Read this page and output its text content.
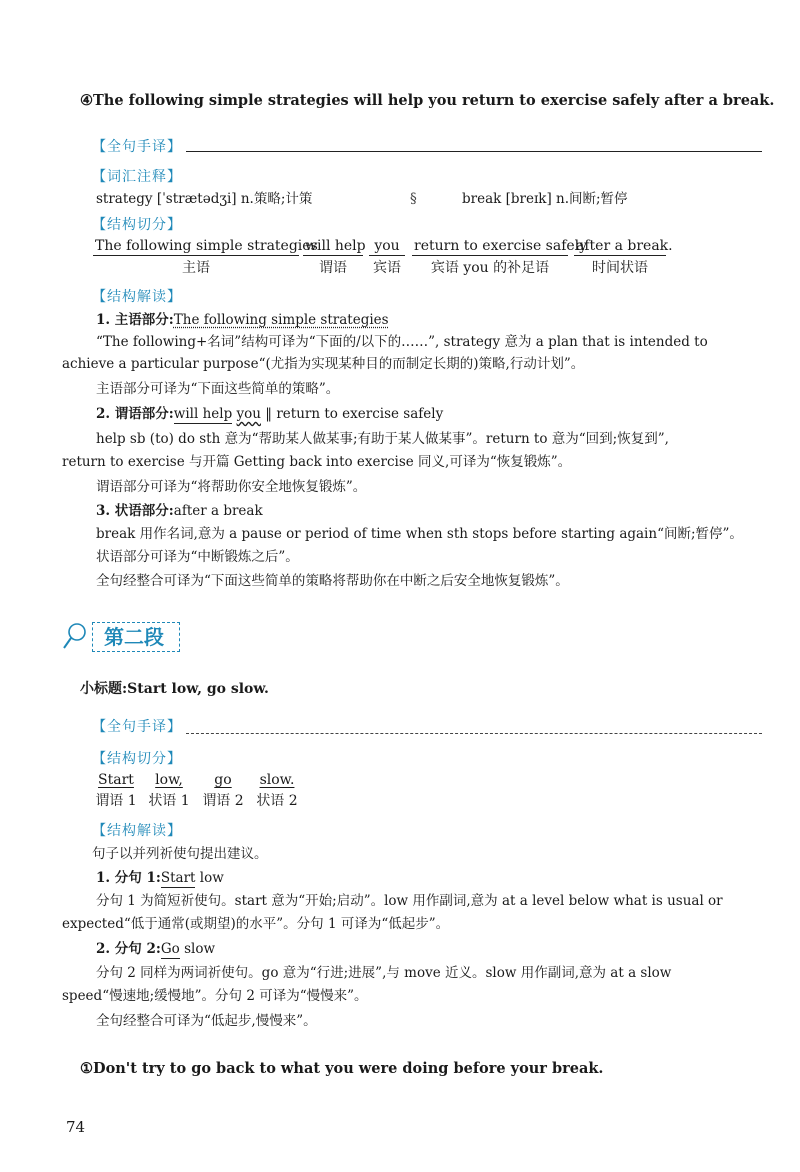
④The following simple strategies will help you return to exercise safely after a break.
【全句手译】
【词汇注释】
strategy [ˈstrætədʒi] n.策略;计策	§	break [breɪk] n.间断;暂停
【结构切分】
The following simple strategies
主语
will help
谓语
you
宾语
return to exercise safely
宾语 you 的补足语
after a break.
时间状语
【结构解读】
1. 主语部分:The following simple strategies
“The following+名词”结构可译为“下面的/以下的……”, strategy 意为 a plan that is intended to
achieve a particular purpose“(尤指为实现某种目的而制定长期的)策略,行动计划”。
主语部分可译为“下面这些简单的策略”。
2. 谓语部分:will help you ‖ return to exercise safely
help sb (to) do sth 意为“帮助某人做某事;有助于某人做某事”。return to 意为“回到;恢复到”,
return to exercise 与开篇 Getting back into exercise 同义,可译为“恢复锻炼”。
谓语部分可译为“将帮助你安全地恢复锻炼”。
3. 状语部分:after a break
break 用作名词,意为 a pause or period of time when sth stops before starting again“间断;暂停”。
状语部分可译为“中断锻炼之后”。
全句经整合可译为“下面这些简单的策略将帮助你在中断之后安全地恢复锻炼”。
第二段
小标题:Start low, go slow.
【全句手译】
【结构切分】
Start
谓语 1
low,
状语 1
go
谓语 2
slow.
状语 2
【结构解读】
句子以并列祈使句提出建议。
1. 分句 1:Start low
分句 1 为简短祈使句。start 意为“开始;启动”。low 用作副词,意为 at a level below what is usual or
expected“低于通常(或期望)的水平”。分句 1 可译为“低起步”。
2. 分句 2:Go slow
分句 2 同样为两词祈使句。go 意为“行进;进展”,与 move 近义。slow 用作副词,意为 at a slow
speed“慢速地;缓慢地”。分句 2 可译为“慢慢来”。
全句经整合可译为“低起步,慢慢来”。
①Don't try to go back to what you were doing before your break.
74
